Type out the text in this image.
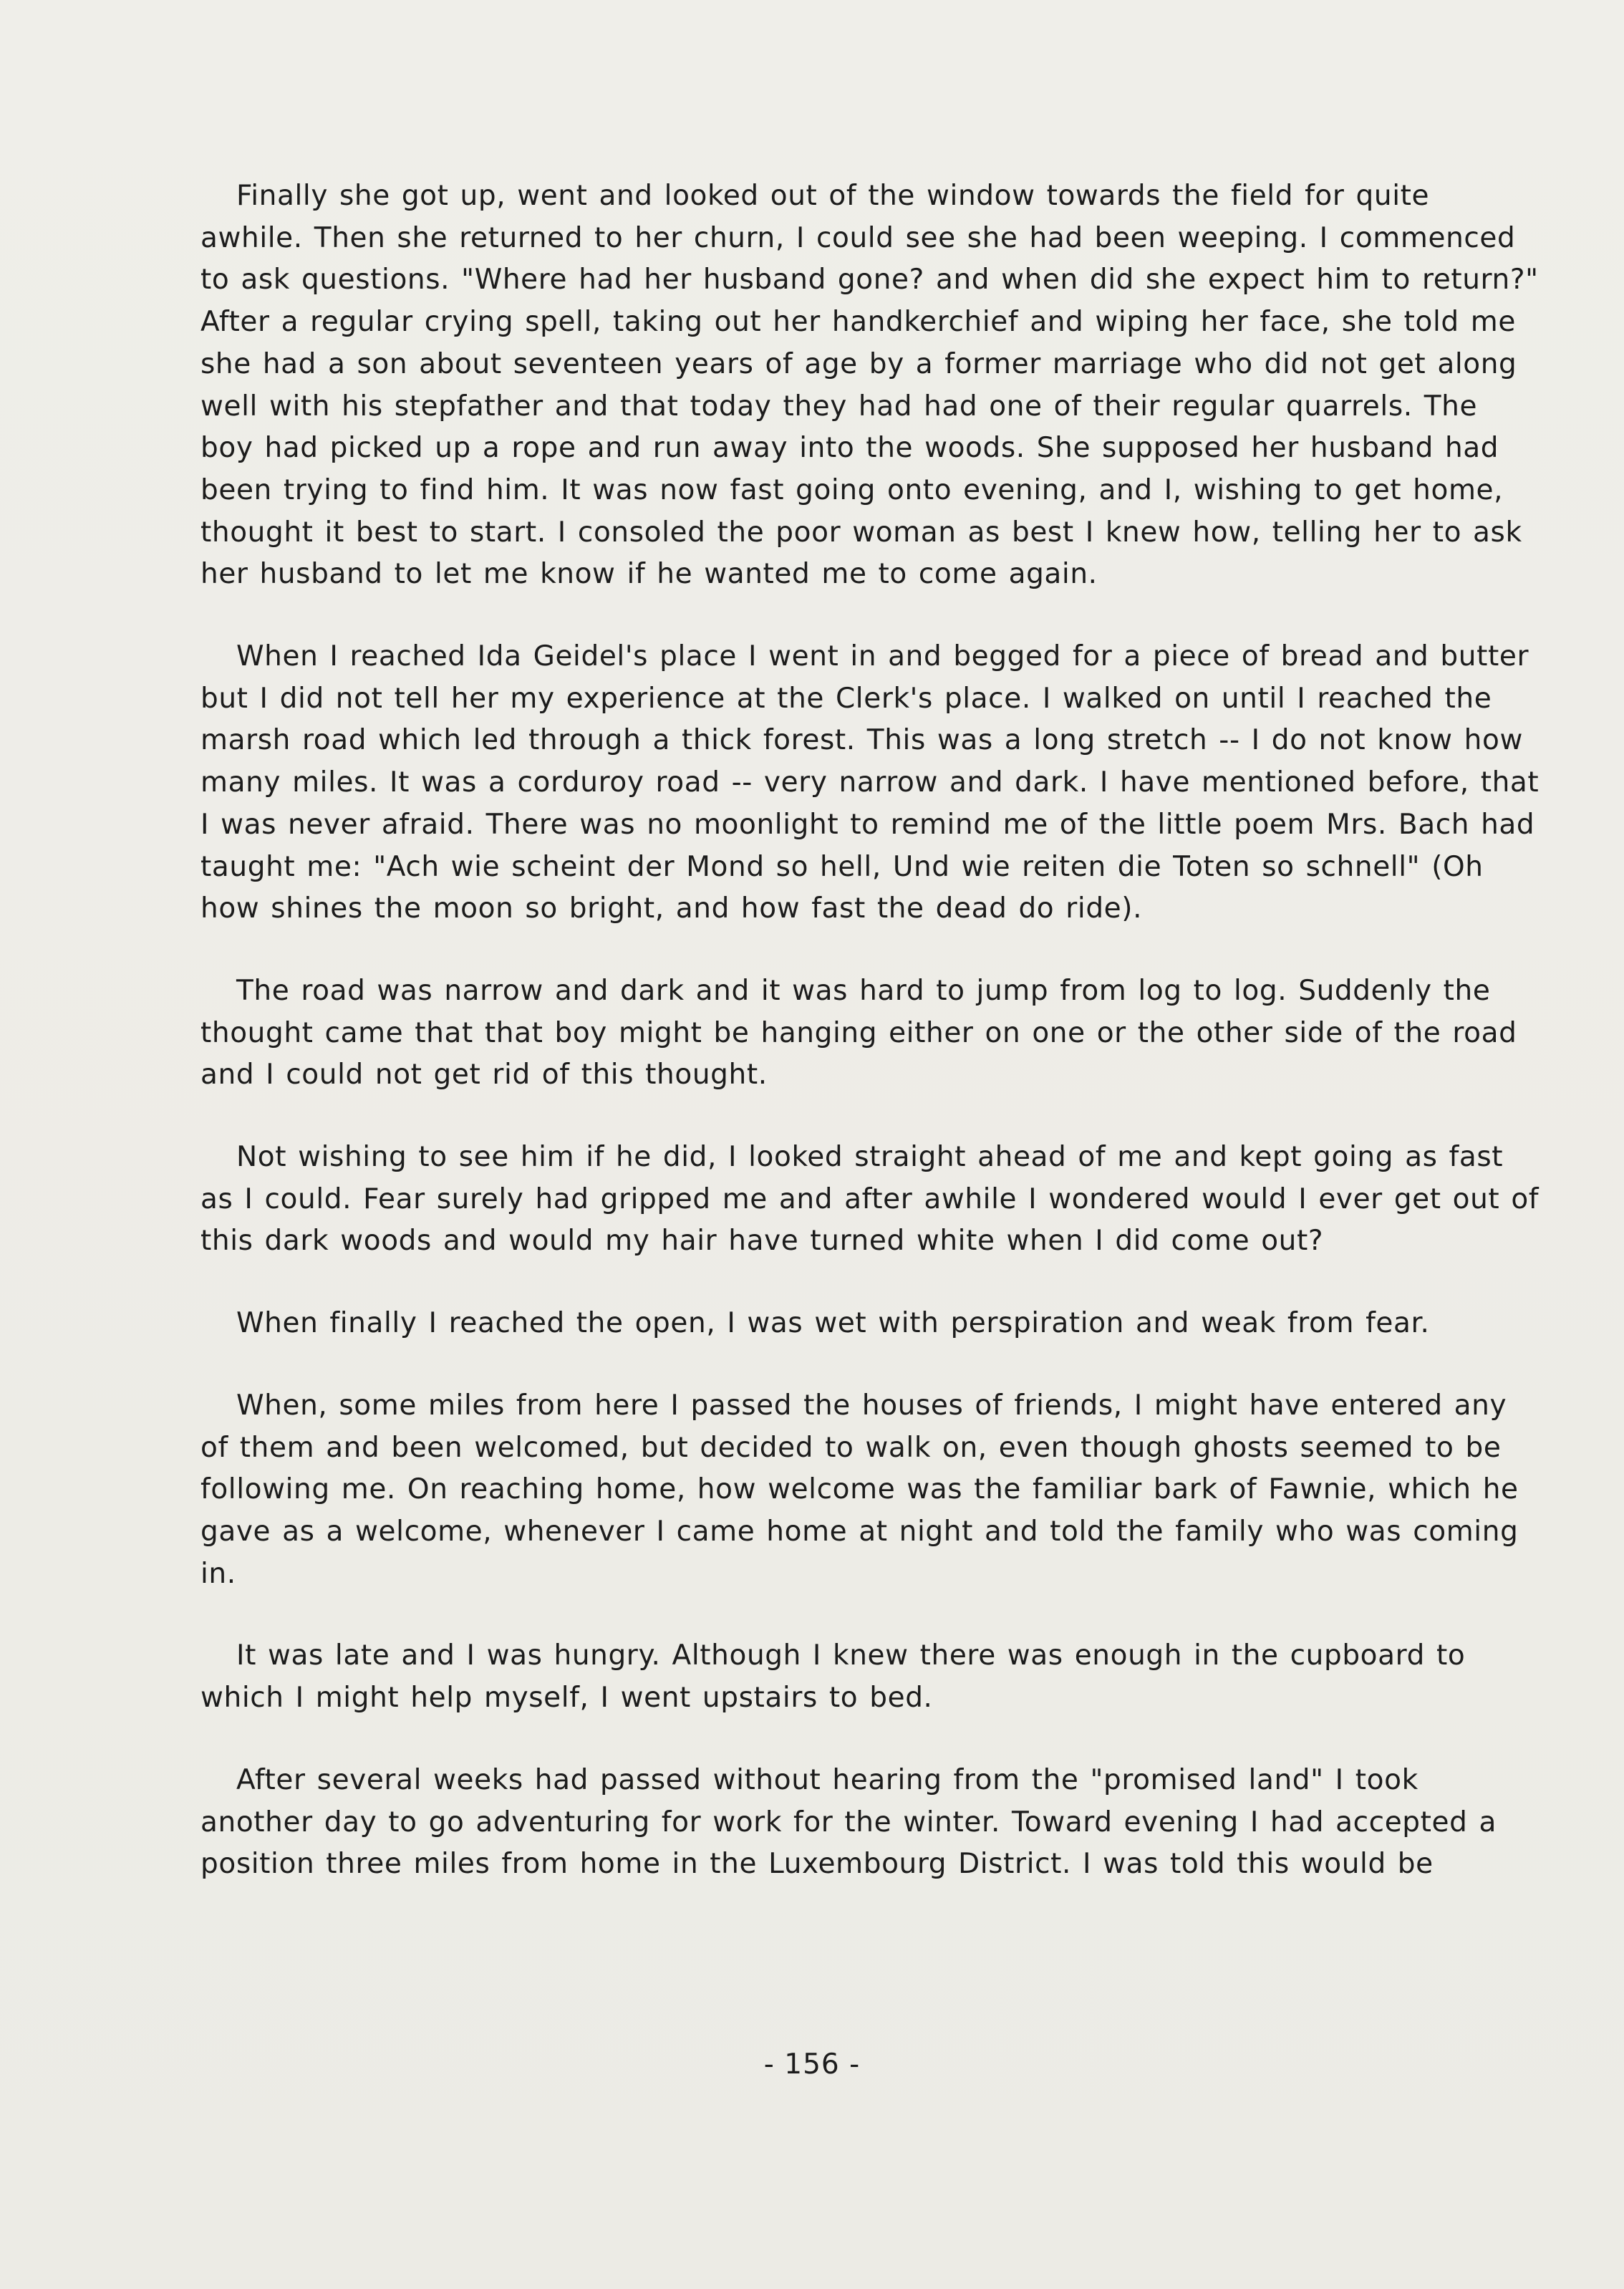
Finally she got up, went and looked out of the window towards the field for quite awhile. Then she returned to her churn, I could see she had been weeping. I commenced to ask questions. "Where had her husband gone? and when did she expect him to return?" After a regular crying spell, taking out her handkerchief and wiping her face, she told me she had a son about seventeen years of age by a former marriage who did not get along well with his stepfather and that today they had had one of their regular quarrels. The boy had picked up a rope and run away into the woods. She supposed her husband had been trying to find him. It was now fast going onto evening, and I, wishing to get home, thought it best to start. I consoled the poor woman as best I knew how, telling her to ask her husband to let me know if he wanted me to come again.

When I reached Ida Geidel's place I went in and begged for a piece of bread and butter but I did not tell her my experience at the Clerk's place. I walked on until I reached the marsh road which led through a thick forest. This was a long stretch -- I do not know how many miles. It was a corduroy road -- very narrow and dark. I have mentioned before, that I was never afraid. There was no moonlight to remind me of the little poem Mrs. Bach had taught me: "Ach wie scheint der Mond so hell, Und wie reiten die Toten so schnell" (Oh how shines the moon so bright, and how fast the dead do ride).

The road was narrow and dark and it was hard to jump from log to log. Suddenly the thought came that that boy might be hanging either on one or the other side of the road and I could not get rid of this thought.

Not wishing to see him if he did, I looked straight ahead of me and kept going as fast as I could. Fear surely had gripped me and after awhile I wondered would I ever get out of this dark woods and would my hair have turned white when I did come out?

When finally I reached the open, I was wet with perspiration and weak from fear.

When, some miles from here I passed the houses of friends, I might have entered any of them and been welcomed, but decided to walk on, even though ghosts seemed to be following me. On reaching home, how welcome was the familiar bark of Fawnie, which he gave as a welcome, whenever I came home at night and told the family who was coming in.

It was late and I was hungry. Although I knew there was enough in the cupboard to which I might help myself, I went upstairs to bed.

After several weeks had passed without hearing from the "promised land" I took another day to go adventuring for work for the winter. Toward evening I had accepted a position three miles from home in the Luxembourg District. I was told this would be

- 156 -
